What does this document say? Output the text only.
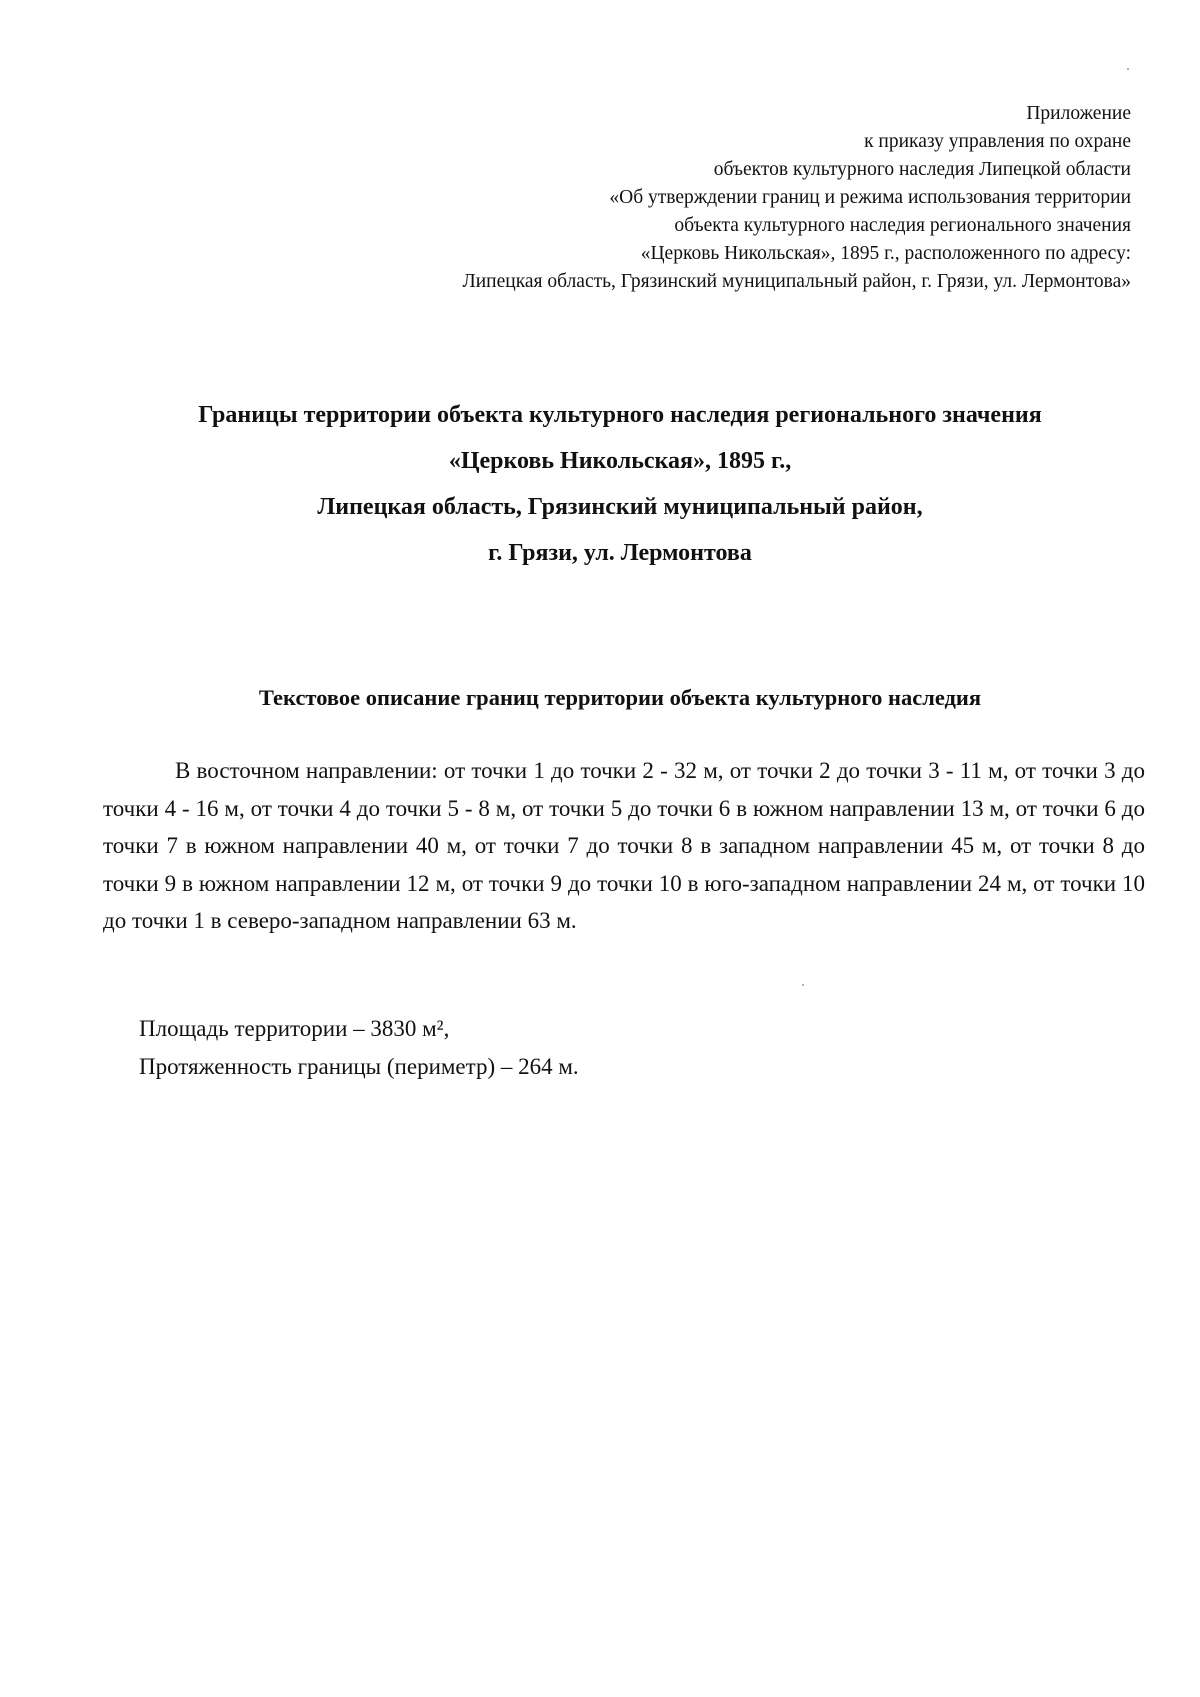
Приложение
к приказу управления по охране
объектов культурного наследия Липецкой области
«Об утверждении границ и режима использования территории
объекта культурного наследия регионального значения
«Церковь Никольская», 1895 г., расположенного по адресу:
Липецкая область, Грязинский муниципальный район, г. Грязи, ул. Лермонтова»
Границы территории объекта культурного наследия регионального значения
«Церковь Никольская», 1895 г.,
Липецкая область, Грязинский муниципальный район,
г. Грязи, ул. Лермонтова
Текстовое описание границ территории объекта культурного наследия

В восточном направлении: от точки 1 до точки 2 - 32 м, от точки 2 до точки 3 - 11 м, от точки 3 до точки 4 - 16 м, от точки 4 до точки 5 - 8 м, от точки 5 до точки 6 в южном направлении 13 м, от точки 6 до точки 7 в южном направлении 40 м, от точки 7 до точки 8 в западном направлении 45 м, от точки 8 до точки 9 в южном направлении 12 м, от точки 9 до точки 10 в юго-западном направлении 24 м, от точки 10 до точки 1 в северо-западном направлении 63 м.

Площадь территории – 3830 м²,
Протяженность границы (периметр) – 264 м.
